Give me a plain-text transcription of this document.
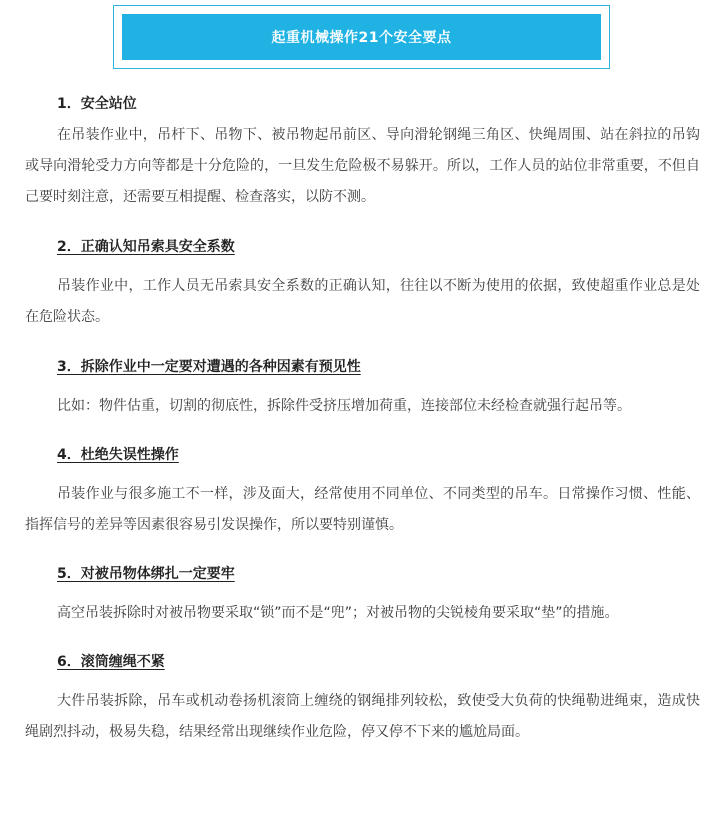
起重机械操作21个安全要点

1．安全站位

在吊装作业中，吊杆下、吊物下、被吊物起吊前区、导向滑轮钢绳三角区、快绳周围、站在斜拉的吊钩或导向滑轮受力方向等都是十分危险的，一旦发生危险极不易躲开。所以，工作人员的站位非常重要，不但自己要时刻注意，还需要互相提醒、检查落实，以防不测。

2．正确认知吊索具安全系数

吊装作业中，工作人员无吊索具安全系数的正确认知，往往以不断为使用的依据，致使超重作业总是处在危险状态。

3．拆除作业中一定要对遭遇的各种因素有预见性

比如：物件估重，切割的彻底性，拆除件受挤压增加荷重，连接部位未经检查就强行起吊等。

4．杜绝失误性操作

吊装作业与很多施工不一样，涉及面大，经常使用不同单位、不同类型的吊车。日常操作习惯、性能、指挥信号的差异等因素很容易引发误操作，所以要特别谨慎。

5．对被吊物体绑扎一定要牢

高空吊装拆除时对被吊物要采取“锁”而不是“兜”；对被吊物的尖锐棱角要采取“垫”的措施。

6．滚筒缠绳不紧

大件吊装拆除，吊车或机动卷扬机滚筒上缠绕的钢绳排列较松，致使受大负荷的快绳勒进绳束，造成快绳剧烈抖动，极易失稳，结果经常出现继续作业危险，停又停不下来的尴尬局面。
